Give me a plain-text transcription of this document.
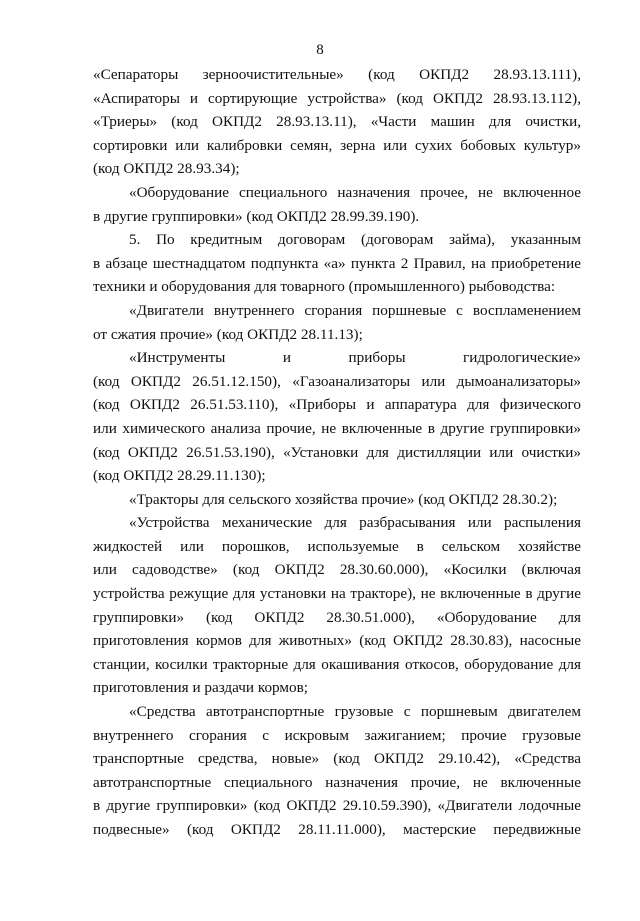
8
«Сепараторы зерноочистительные» (код ОКПД2 28.93.13.111),
«Аспираторы и сортирующие устройства» (код ОКПД2 28.93.13.112),
«Триеры» (код ОКПД2 28.93.13.11), «Части машин для очистки,
сортировки или калибровки семян, зерна или сухих бобовых культур»
(код ОКПД2 28.93.34);
«Оборудование специального назначения прочее, не включенное
в другие группировки» (код ОКПД2 28.99.39.190).
5. По кредитным договорам (договорам займа), указанным
в абзаце шестнадцатом подпункта «а» пункта 2 Правил, на приобретение
техники и оборудования для товарного (промышленного) рыбоводства:
«Двигатели внутреннего сгорания поршневые с воспламенением
от сжатия прочие» (код ОКПД2 28.11.13);
«Инструменты и приборы гидрологические»
(код ОКПД2 26.51.12.150), «Газоанализаторы или дымоанализаторы»
(код ОКПД2 26.51.53.110), «Приборы и аппаратура для физического
или химического анализа прочие, не включенные в другие группировки»
(код ОКПД2 26.51.53.190), «Установки для дистилляции или очистки»
(код ОКПД2 28.29.11.130);
«Тракторы для сельского хозяйства прочие» (код ОКПД2 28.30.2);
«Устройства механические для разбрасывания или распыления
жидкостей или порошков, используемые в сельском хозяйстве
или садоводстве» (код ОКПД2 28.30.60.000), «Косилки (включая
устройства режущие для установки на тракторе), не включенные в другие
группировки» (код ОКПД2 28.30.51.000), «Оборудование для
приготовления кормов для животных» (код ОКПД2 28.30.83), насосные
станции, косилки тракторные для окашивания откосов, оборудование для
приготовления и раздачи кормов;
«Средства автотранспортные грузовые с поршневым двигателем
внутреннего сгорания с искровым зажиганием; прочие грузовые
транспортные средства, новые» (код ОКПД2 29.10.42), «Средства
автотранспортные специального назначения прочие, не включенные
в другие группировки» (код ОКПД2 29.10.59.390), «Двигатели лодочные
подвесные» (код ОКПД2 28.11.11.000), мастерские передвижные
